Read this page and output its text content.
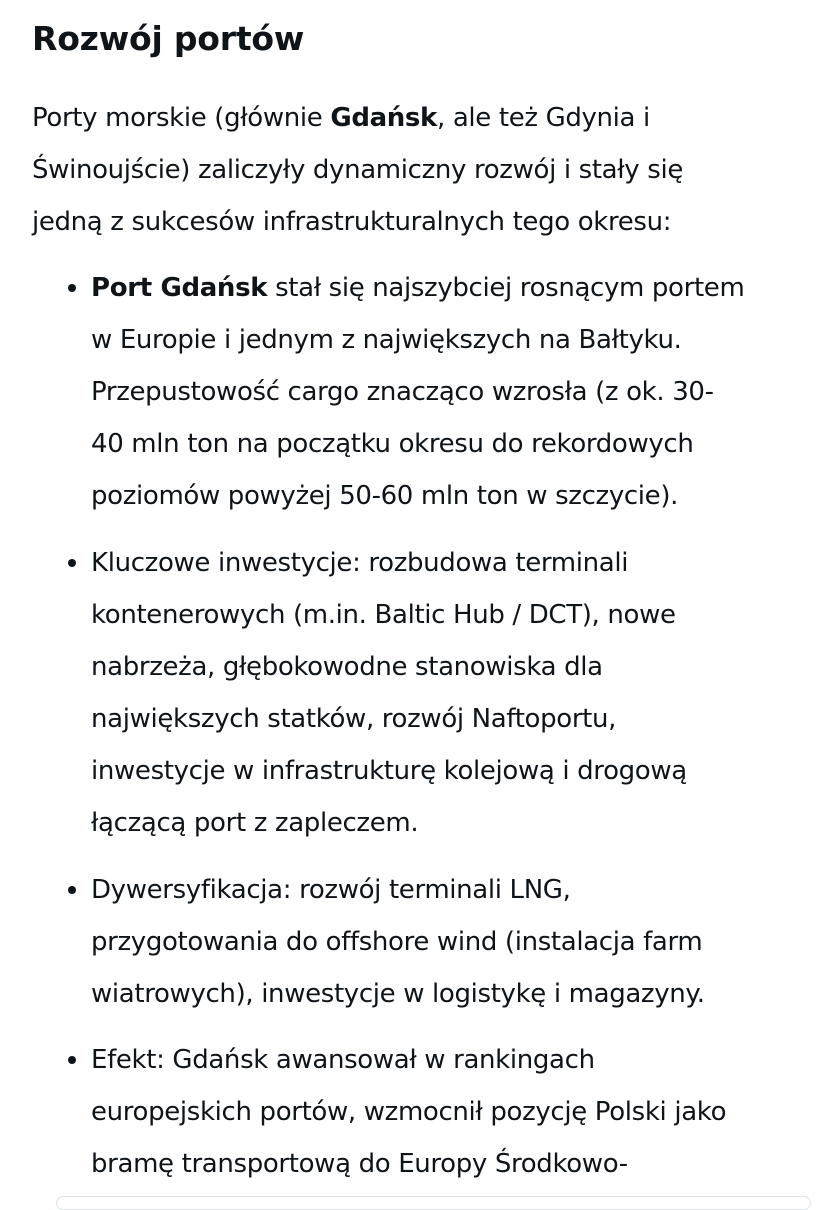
Rozwój portów

Porty morskie (głównie Gdańsk, ale też Gdynia i
Świnoujście) zaliczyły dynamiczny rozwój i stały się
jedną z sukcesów infrastrukturalnych tego okresu:

Port Gdańsk stał się najszybciej rosnącym portem
w Europie i jednym z największych na Bałtyku.
Przepustowość cargo znacząco wzrosła (z ok. 30-
40 mln ton na początku okresu do rekordowych
poziomów powyżej 50-60 mln ton w szczycie).
Kluczowe inwestycje: rozbudowa terminali
kontenerowych (m.in. Baltic Hub / DCT), nowe
nabrzeża, głębokowodne stanowiska dla
największych statków, rozwój Naftoportu,
inwestycje w infrastrukturę kolejową i drogową
łączącą port z zapleczem.
Dywersyfikacja: rozwój terminali LNG,
przygotowania do offshore wind (instalacja farm
wiatrowych), inwestycje w logistykę i magazyny.
Efekt: Gdańsk awansował w rankingach
europejskich portów, wzmocnił pozycję Polski jako
bramę transportową do Europy Środkowo-
